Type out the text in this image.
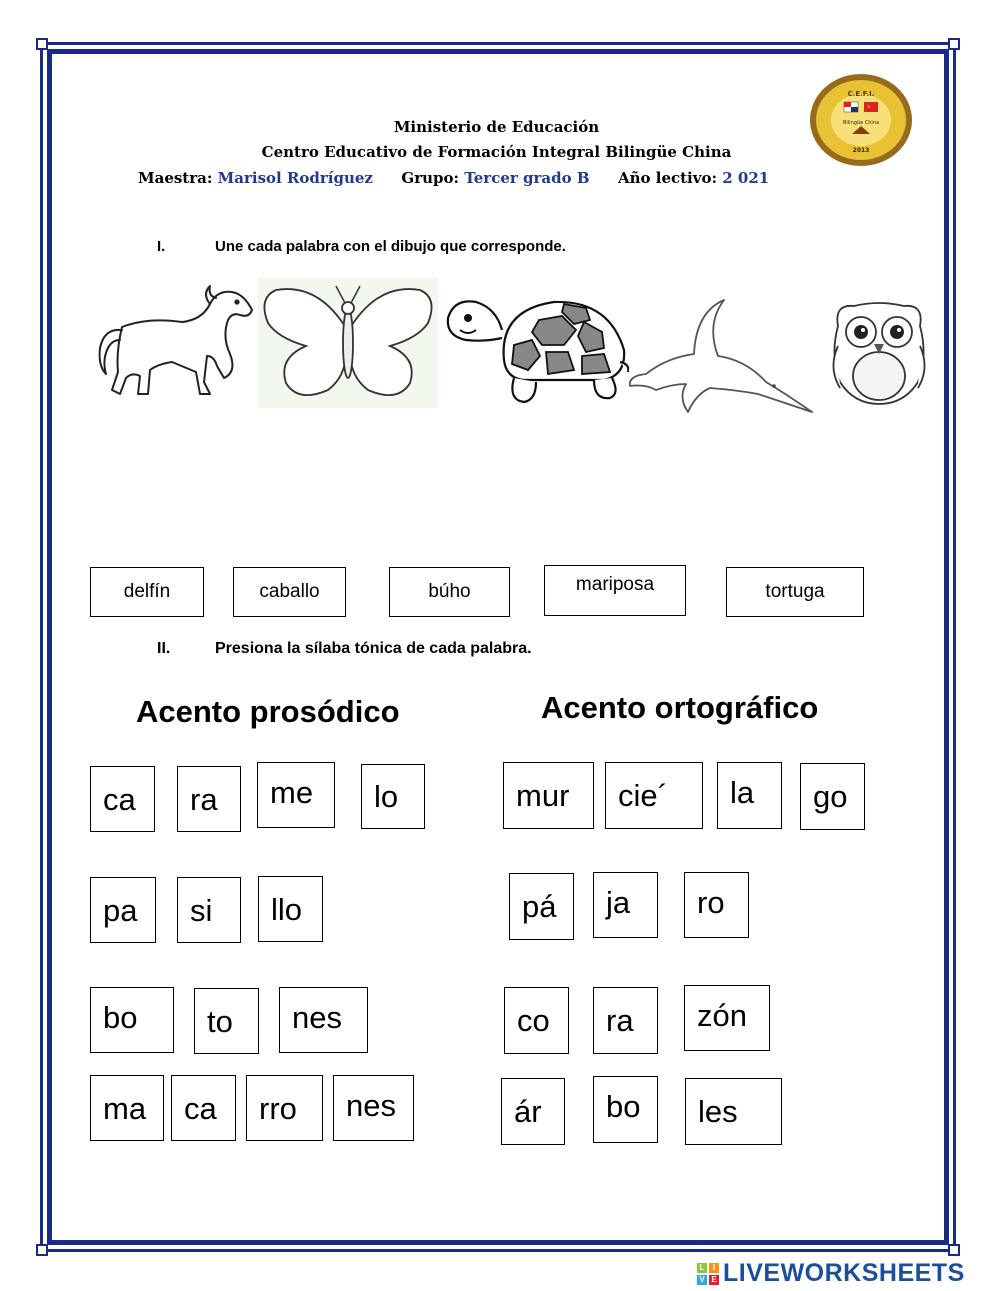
Ministerio de Educación
Centro Educativo de Formación Integral Bilingüe China
Maestra: Marisol Rodríguez Grupo: Tercer grado B Año lectivo: 2 021
C.E.F.I.
★
Bilingüe China
2013
I.	Une cada palabra con el dibujo que corresponde.
delfín	caballo	búho	mariposa	tortuga
II.	Presiona la sílaba tónica de cada palabra.
Acento prosódico	Acento ortográfico
ca ra me lo
pa si llo
bo to nes
ma ca rro nes
mur cie´ la go
pá ja ro
co ra zón
ár bo les
L	I
V E LIVEWORKSHEETS
